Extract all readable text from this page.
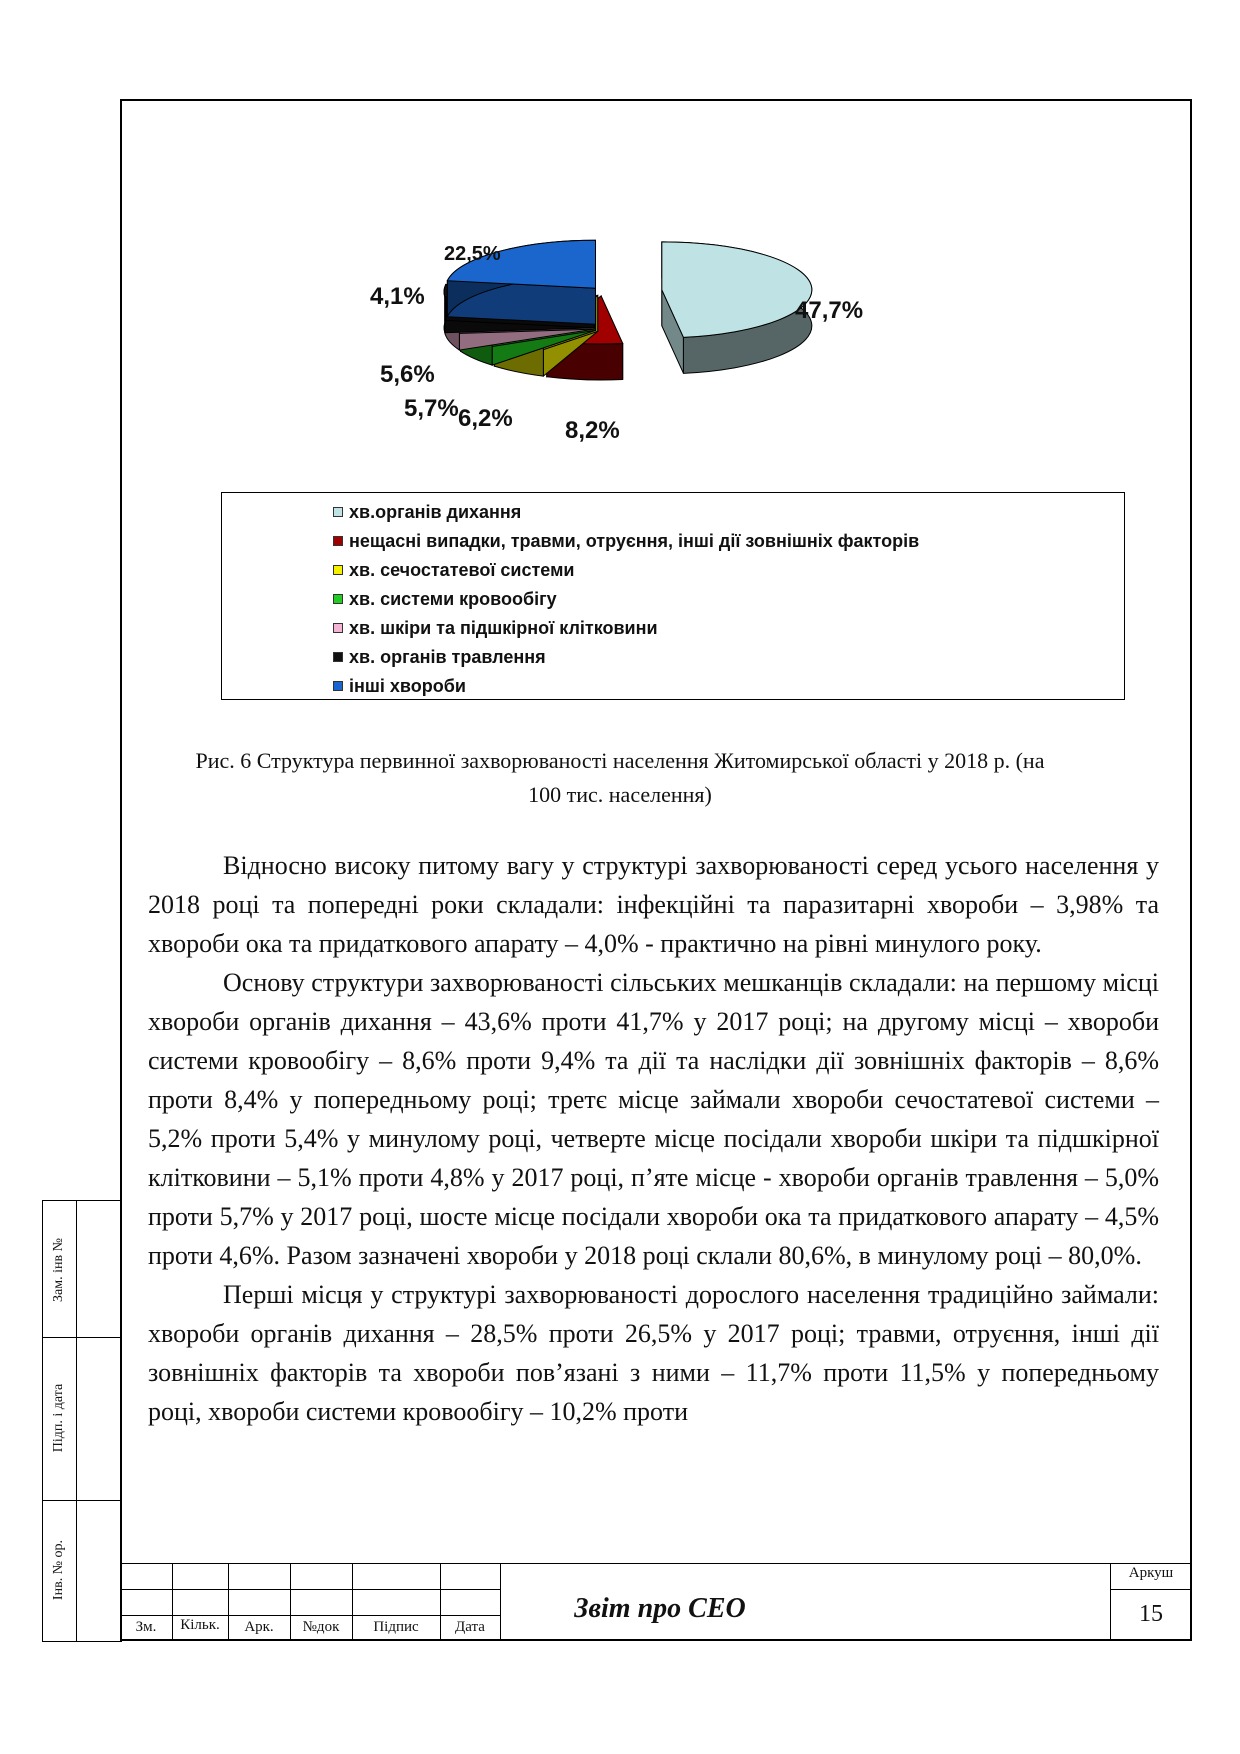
Зам. інв №
Підп. і дата
Інв. № ор.
47,7%
8,2%
6,2%
5,7%
5,6%
4,1%
22,5%
хв.органів дихання
нещасні випадки, травми, отруєння, інші дії зовнішніх факторів
хв. сечостатевої системи
хв. системи кровообігу
хв. шкіри та підшкірної клітковини
хв. органів травлення
інші хвороби
Рис. 6 Структура первинної захворюваності населення Житомирської області у 2018 р. (на
100 тис. населення)

Відносно високу питому вагу у структурі захворюваності серед усього населення у 2018 році та попередні роки складали: інфекційні та паразитарні хвороби – 3,98% та хвороби ока та придаткового апарату – 4,0% - практично на рівні минулого року.

Основу структури захворюваності сільських мешканців складали: на першому місці хвороби органів дихання – 43,6% проти 41,7% у 2017 році; на другому місці – хвороби системи кровообігу – 8,6% проти 9,4% та дії та наслідки дії зовнішніх факторів – 8,6% проти 8,4% у попередньому році; третє місце займали хвороби сечостатевої системи – 5,2% проти 5,4% у минулому році, четверте місце посідали хвороби шкіри та підшкірної клітковини – 5,1% проти 4,8% у 2017 році, п’яте місце - хвороби органів травлення – 5,0% проти 5,7% у 2017 році, шосте місце посідали хвороби ока та придаткового апарату – 4,5% проти 4,6%. Разом зазначені хвороби у 2018 році склали 80,6%, в минулому році – 80,0%.

Перші місця у структурі захворюваності дорослого населення традиційно займали: хвороби органів дихання – 28,5% проти 26,5% у 2017 році; травми, отруєння, інші дії зовнішніх факторів та хвороби пов’язані з ними – 11,7% проти 11,5% у попередньому році, хвороби системи кровообігу – 10,2% проти

Зм.	Кільк.	Арк.	№док	Підпис	Дата
Звіт про СЕО
Аркуш
15
